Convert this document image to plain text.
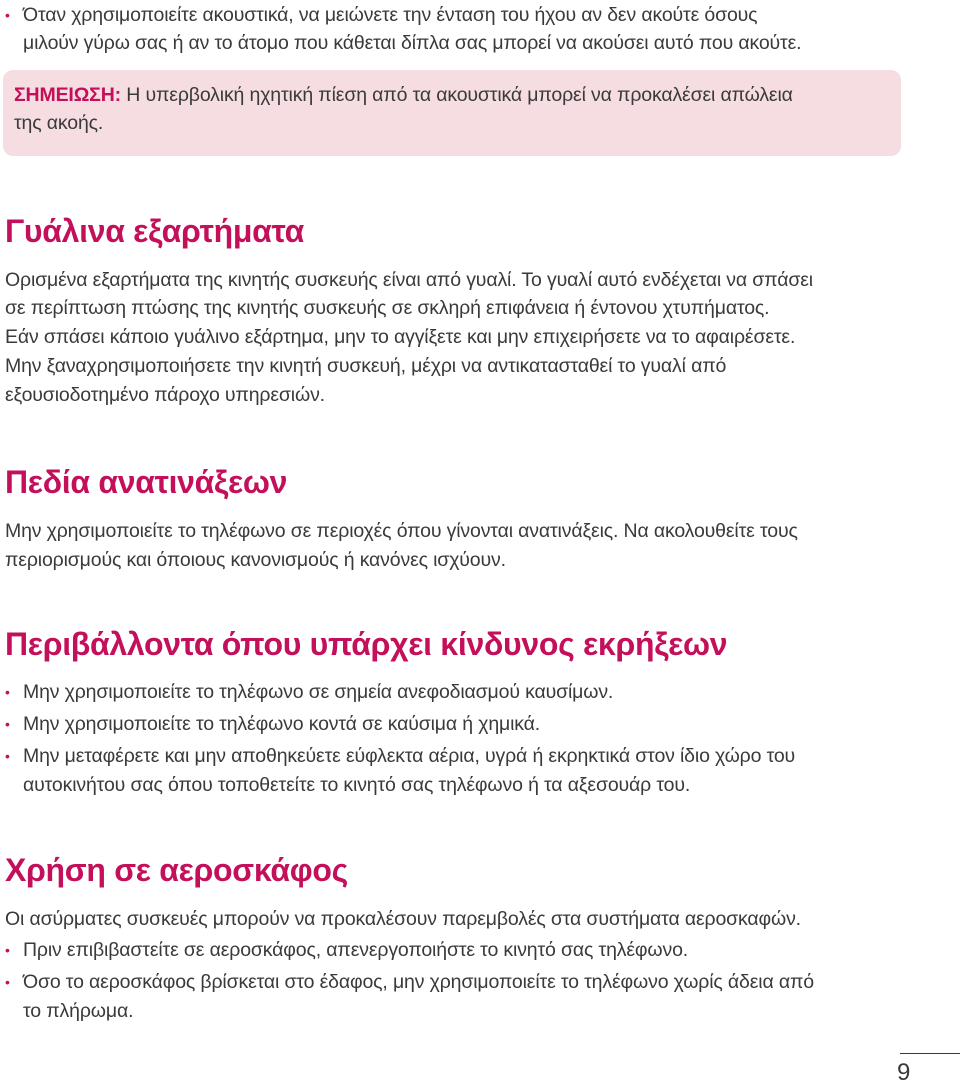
• Όταν χρησιμοποιείτε ακουστικά, να μειώνετε την ένταση του ήχου αν δεν ακούτε όσους
μιλούν γύρω σας ή αν το άτομο που κάθεται δίπλα σας μπορεί να ακούσει αυτό που ακούτε.
ΣΗΜΕΙΩΣΗ: Η υπερβολική ηχητική πίεση από τα ακουστικά μπορεί να προκαλέσει απώλεια
της ακοής.
Γυάλινα εξαρτήματα
Ορισμένα εξαρτήματα της κινητής συσκευής είναι από γυαλί. Το γυαλί αυτό ενδέχεται να σπάσει
σε περίπτωση πτώσης της κινητής συσκευής σε σκληρή επιφάνεια ή έντονου χτυπήματος.
Εάν σπάσει κάποιο γυάλινο εξάρτημα, μην το αγγίξετε και μην επιχειρήσετε να το αφαιρέσετε.
Μην ξαναχρησιμοποιήσετε την κινητή συσκευή, μέχρι να αντικατασταθεί το γυαλί από
εξουσιοδοτημένο πάροχο υπηρεσιών.
Πεδία ανατινάξεων
Μην χρησιμοποιείτε το τηλέφωνο σε περιοχές όπου γίνονται ανατινάξεις. Να ακολουθείτε τους
περιορισμούς και όποιους κανονισμούς ή κανόνες ισχύουν.
Περιβάλλοντα όπου υπάρχει κίνδυνος εκρήξεων
• Μην χρησιμοποιείτε το τηλέφωνο σε σημεία ανεφοδιασμού καυσίμων.
• Μην χρησιμοποιείτε το τηλέφωνο κοντά σε καύσιμα ή χημικά.
• Μην μεταφέρετε και μην αποθηκεύετε εύφλεκτα αέρια, υγρά ή εκρηκτικά στον ίδιο χώρο του
αυτοκινήτου σας όπου τοποθετείτε το κινητό σας τηλέφωνο ή τα αξεσουάρ του.
Χρήση σε αεροσκάφος
Οι ασύρματες συσκευές μπορούν να προκαλέσουν παρεμβολές στα συστήματα αεροσκαφών.
• Πριν επιβιβαστείτε σε αεροσκάφος, απενεργοποιήστε το κινητό σας τηλέφωνο.
• Όσο το αεροσκάφος βρίσκεται στο έδαφος, μην χρησιμοποιείτε το τηλέφωνο χωρίς άδεια από
το πλήρωμα.
9
